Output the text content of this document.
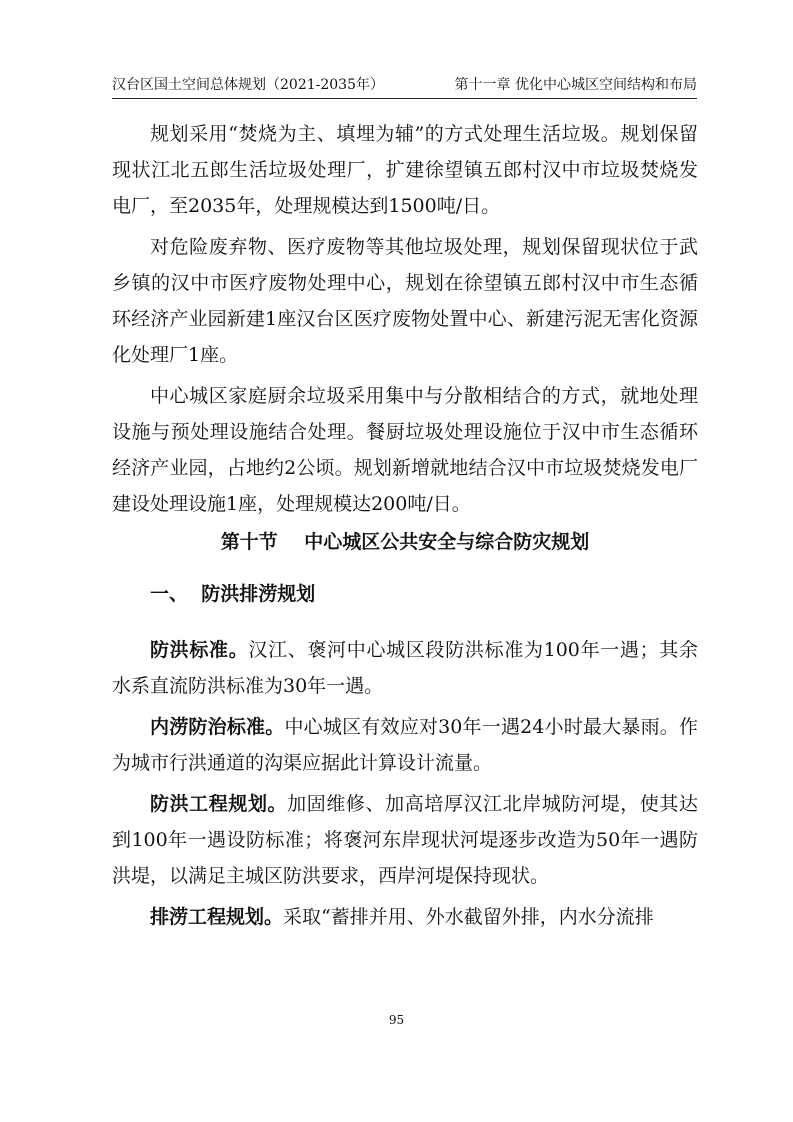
汉台区国土空间总体规划（2021-2035年）	第十一章 优化中心城区空间结构和布局

规划采用“焚烧为主、填埋为辅”的方式处理生活垃圾。规划保留现状江北五郎生活垃圾处理厂，扩建徐望镇五郎村汉中市垃圾焚烧发电厂，至2035年，处理规模达到1500吨/日。

对危险废弃物、医疗废物等其他垃圾处理，规划保留现状位于武乡镇的汉中市医疗废物处理中心，规划在徐望镇五郎村汉中市生态循环经济产业园新建1座汉台区医疗废物处置中心、新建污泥无害化资源化处理厂1座。

中心城区家庭厨余垃圾采用集中与分散相结合的方式，就地处理设施与预处理设施结合处理。餐厨垃圾处理设施位于汉中市生态循环经济产业园，占地约2公顷。规划新增就地结合汉中市垃圾焚烧发电厂建设处理设施1座，处理规模达200吨/日。

第十节    中心城区公共安全与综合防灾规划
一、  防洪排涝规划

防洪标准。汉江、褒河中心城区段防洪标准为100年一遇；其余水系直流防洪标准为30年一遇。

内涝防治标准。中心城区有效应对30年一遇24小时最大暴雨。作为城市行洪通道的沟渠应据此计算设计流量。

防洪工程规划。加固维修、加高培厚汉江北岸城防河堤，使其达到100年一遇设防标准；将褒河东岸现状河堤逐步改造为50年一遇防洪堤，以满足主城区防洪要求，西岸河堤保持现状。

排涝工程规划。采取“蓄排并用、外水截留外排，内水分流排

95
